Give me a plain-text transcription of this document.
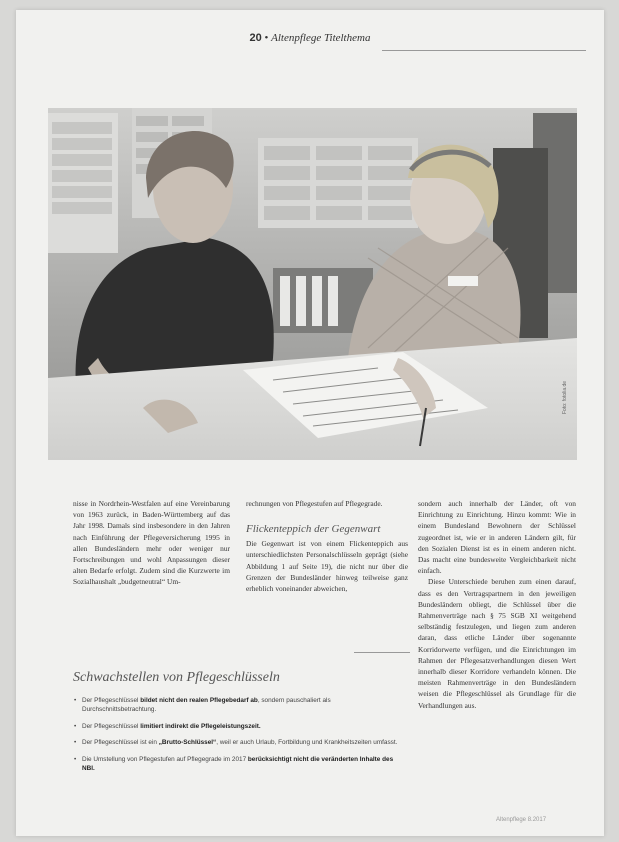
20 • Altenpflege Titelthema
Foto: fotolia.de

nisse in Nordrhein-Westfalen auf eine Vereinbarung von 1963 zurück, in Baden-Württemberg auf das Jahr 1998. Damals sind insbesondere in den Jahren nach Einführung der Pflegeversicherung 1995 in allen Bundesländern mehr oder weniger nur Fortschreibungen und wohl Anpassungen dieser alten Bedarfe erfolgt. Zudem sind die Kurzwerte im Sozialhaushalt „budgetneutral“ Um-

rechnungen von Pflegestufen auf Pflegegrade.

Flickenteppich der Gegenwart

Die Gegenwart ist von einem Flickenteppich aus unterschiedlichsten Personalschlüsseln geprägt (siehe Abbildung 1 auf Seite 19), die nicht nur über die Grenzen der Bundesländer hinweg teilweise ganz erheblich voneinander abweichen,

sondern auch innerhalb der Länder, oft von Einrichtung zu Einrichtung. Hinzu kommt: Wie in einem Bundesland Bewohnern der Schlüssel zugeordnet ist, wie er in anderen Ländern gilt, für den Sozialen Dienst ist es in einem anderen nicht. Das macht eine bundesweite Vergleichbarkeit nicht einfach.

Diese Unterschiede beruhen zum einen darauf, dass es den Vertragspartnern in den jeweiligen Bundesländern obliegt, die Schlüssel über die Rahmenverträge nach § 75 SGB XI weitgehend selbständig festzulegen, und liegen zum anderen daran, dass etliche Länder über sogenannte Korridorwerte verfügen, und die Einrichtungen im Rahmen der Pflegesatzverhandlungen diesen Wert innerhalb dieser Korridore verhandeln können. Die meisten Rahmenverträge in den Bundesländern weisen die Pflegeschlüssel als Grundlage für die Verhandlungen aus.

Schwachstellen von Pflegeschlüsseln
• Der Pflegeschlüssel bildet nicht den realen Pflegebedarf ab, sondern pauschaliert als Durchschnittsbetrachtung.
• Der Pflegeschlüssel limitiert indirekt die Pflegeleistungszeit.
• Der Pflegeschlüssel ist ein „Brutto-Schlüssel“, weil er auch Urlaub, Fortbildung und Krankheitszeiten umfasst.
• Die Umstellung von Pflegestufen auf Pflegegrade im 2017 berücksichtigt nicht die veränderten Inhalte des NBI.
Altenpflege 8.2017
